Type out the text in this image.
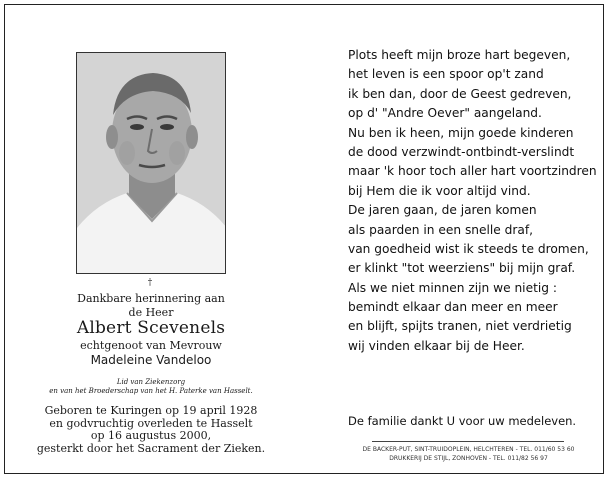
†
Dankbare herinnering aan
de Heer
Albert Scevenels
echtgenoot van Mevrouw
Madeleine Vandeloo
Lid van Ziekenzorg
en van het Broederschap van het H. Paterke van Hasselt.
Geboren te Kuringen op 19 april 1928
en godvruchtig overleden te Hasselt
op 16 augustus 2000,
gesterkt door het Sacrament der Zieken.
Plots heeft mijn broze hart begeven,
het leven is een spoor op't zand
ik ben dan, door de Geest gedreven,
op d' "Andre Oever" aangeland.
Nu ben ik heen, mijn goede kinderen
de dood verzwindt-ontbindt-verslindt
maar 'k hoor toch aller hart voortzindren
bij Hem die ik voor altijd vind.
De jaren gaan, de jaren komen
als paarden in een snelle draf,
van goedheid wist ik steeds te dromen,
er klinkt "tot weerziens" bij mijn graf.
Als we niet minnen zijn we nietig :
bemindt elkaar dan meer en meer
en blijft, spijts tranen, niet verdrietig
wij vinden elkaar bij de Heer.
De familie dankt U voor uw medeleven.
DE BACKER-PUT, SINT-TRUIDOPLEIN, HELCHTEREN - TEL. 011/60 53 60
DRUKKERIJ DE STIJL, ZONHOVEN - TEL. 011/82 56 97
